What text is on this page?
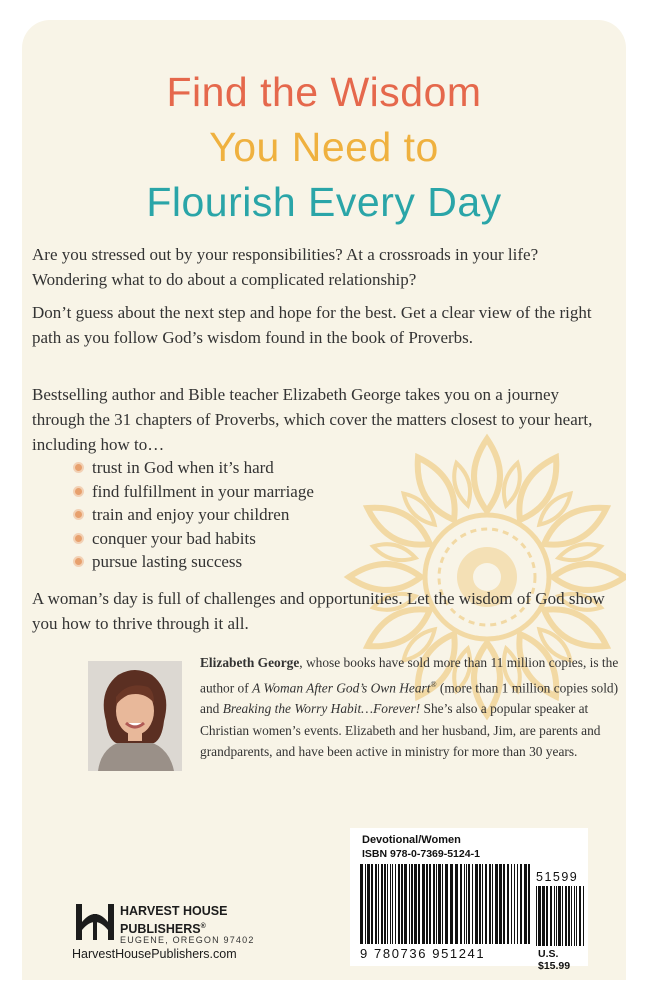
Find the Wisdom
You Need to
Flourish Every Day

Are you stressed out by your responsibilities? At a crossroads in your life? Wondering what to do about a complicated relationship?

Don’t guess about the next step and hope for the best. Get a clear view of the right path as you follow God’s wisdom found in the book of Proverbs.

Bestselling author and Bible teacher Elizabeth George takes you on a journey through the 31 chapters of Proverbs, which cover the matters closest to your heart, including how to…

trust in God when it’s hard
find fulfillment in your marriage
train and enjoy your children
conquer your bad habits
pursue lasting success

A woman’s day is full of challenges and opportunities. Let the wisdom of God show you how to thrive through it all.

Elizabeth George, whose books have sold more than 11 million copies, is the author of A Woman After God’s Own Heart® (more than 1 million copies sold) and Breaking the Worry Habit…Forever! She’s also a popular speaker at Christian women’s events. Elizabeth and her husband, Jim, are parents and grandparents, and have been active in ministry for more than 30 years.
Devotional/Women
ISBN 978-0-7369-5124-1
51599
9 780736 951241	U.S. $15.99
HARVEST HOUSE
PUBLISHERS®
EUGENE, OREGON 97402
HarvestHousePublishers.com
